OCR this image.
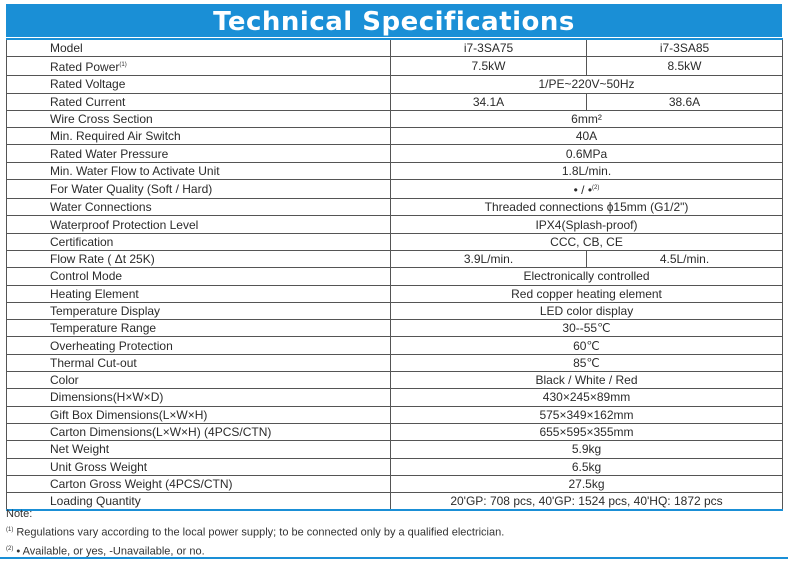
Technical Specifications
Model	i7-3SA75	i7-3SA85
Rated Power$^{(1)}$	7.5kW	8.5kW
Rated Voltage	1/PE~220V~50Hz	
Rated Current	34.1A	38.6A
Wire Cross Section	6mm²	
Min. Required Air Switch	40A	
Rated Water Pressure	0.6MPa	
Min. Water Flow to Activate Unit	1.8L/min.	
For Water Quality (Soft / Hard)	• / •$^{(2)}$
Water Connections	Threaded connections ϕ15mm (G1/2")	
Waterproof Protection Level	IPX4(Splash-proof)	
Certification	CCC, CB, CE	
Flow Rate ( Δt 25K)	3.9L/min.	4.5L/min.
Control Mode	Electronically controlled	
Heating Element	Red copper heating element	
Temperature Display	LED color display	
Temperature Range	30--55℃	
Overheating Protection	60℃	
Thermal Cut-out	85℃	
Color	Black / White / Red	
Dimensions(H×W×D)	430×245×89mm	
Gift Box Dimensions(L×W×H)	575×349×162mm	
Carton Dimensions(L×W×H) (4PCS/CTN)	655×595×355mm	
Net Weight	5.9kg	
Unit Gross Weight	6.5kg	
Carton Gross Weight (4PCS/CTN)	27.5kg	
Loading Quantity	20'GP: 708 pcs, 40'GP: 1524 pcs, 40'HQ: 1872 pcs	
Note:
$^{(1)}$ Regulations vary according to the local power supply; to be connected only by a qualified electrician.
$^{(2)}$ • Available, or yes, -Unavailable, or no.
